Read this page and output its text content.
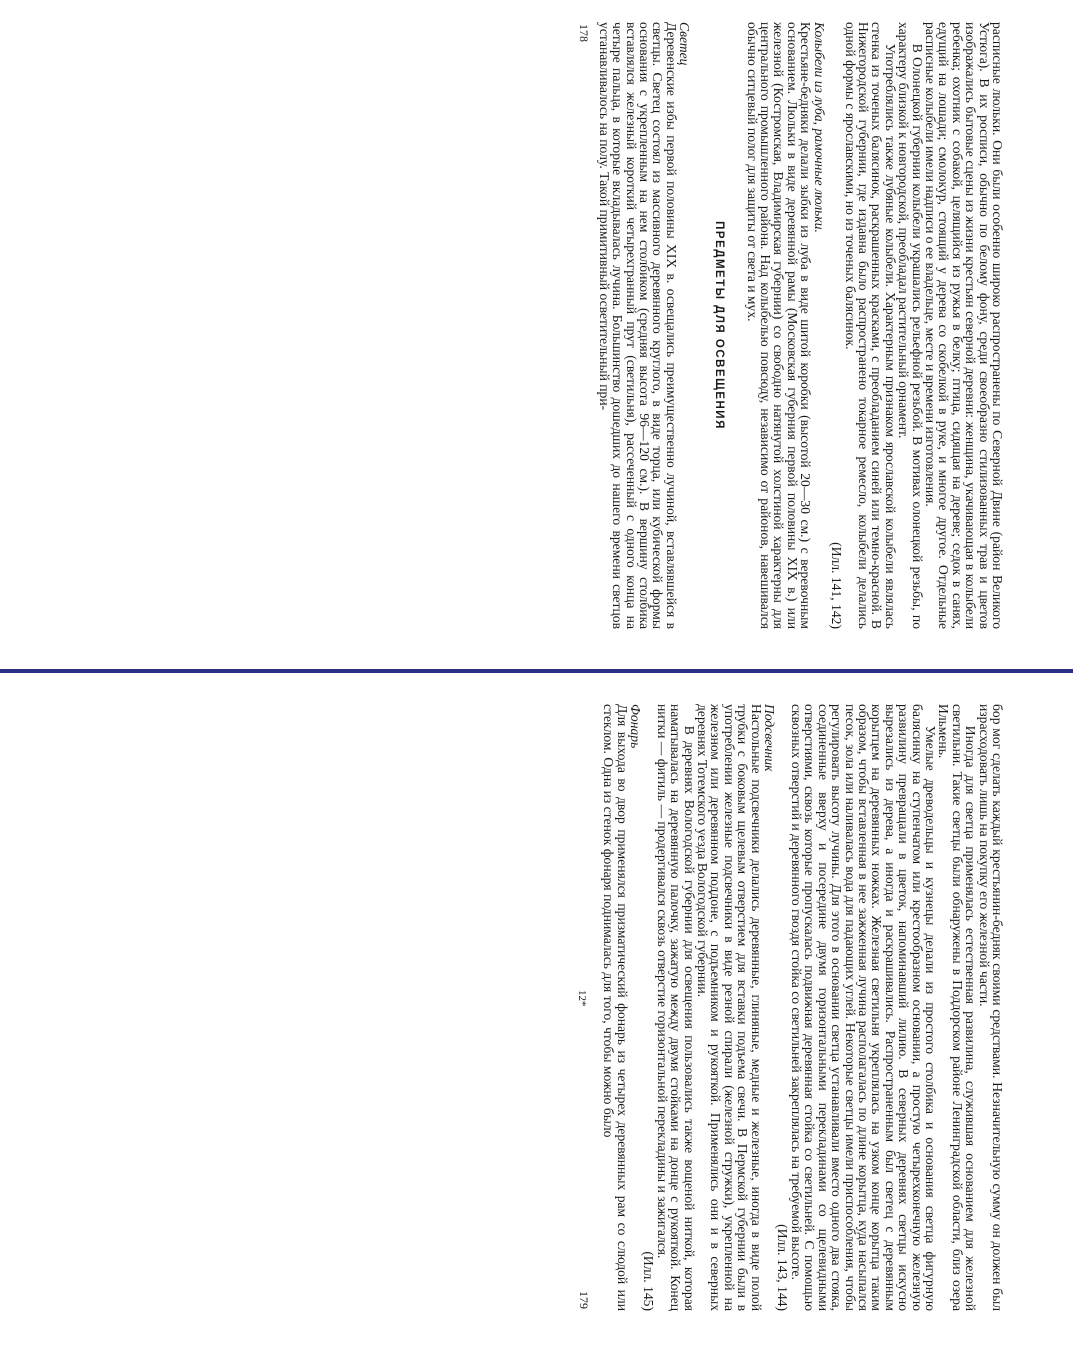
расписные люльки. Они были особенно широко распространены по Северной Двине (район Великого Устюга). В их росписи, обычно по белому фону, среди своеобразно стилизованных трав и цветов изображались бытовые сцены из жизни крестьян северной деревни: женщина, укачивающая в колыбели ребенка; охотник с собакой, целящийся из ружья в белку; птица, сидящая на дереве; седок в санях, едущий на лошади; смолокур, стоящий у дерева со скобелкой в руке, и многое другое. Отдельные расписные колыбели имели надписи о ее владельце, месте и времени изготовления.

В Олонецкой губернии колыбели украшались рельефной резьбой. В мотивах олонецкой резьбы, по характеру близкой к новгородской, преобладал растительный орнамент.

Употреблялись также лубяные колыбели. Характерным признаком ярославской колыбели являлась стенка из точеных балясинок, раскрашенных красками, с преобладанием синей или темно-красной. В Нижегородской губернии, где издавна было распространено токарное ремесло, колыбели делались одной формы с ярославскими, но из точеных балясинок.

(Илл. 141, 142)

Колыбели из луба, рамочные люльки.

Крестьяне-бедняки делали зыбки из луба в виде шитой коробки (высотой 20—30 см.) с веревочным основанием. Люльки в виде деревянной рамы (Московская губерния первой половины XIX в.) или железной (Костромская, Владимирская губернии) со свободно натянутой холстиной характерны для центрального промышленного района. Над колыбелью повсюду, независимо от районов, навешивался обычно ситцевый полог для защиты от света и мух.

ПРЕДМЕТЫ ДЛЯ ОСВЕЩЕНИЯ

Светец

Деревенские избы первой половины XIX в. освещались преимущественно лучиной, вставлявшейся в светцы. Светец состоял из массивного деревянного круглого, в виде торца, или кубической формы основания с укрепленным на нем столбиком (средняя высота 96—120 см.). В вершину столбика вставлялся железный короткий четырехгранный прут (светильня), рассеченный с одного конца на четыре пальца, в которые вкладывалась лучина. Большинство дошедших до нашего времени светцов устанавливалось на полу. Такой примитивный осветительный при-

178

бор мог сделать каждый крестьянин-бедняк своими средствами. Незначительную сумму он должен был израсходовать лишь на покупку его железной части.

Иногда для светца применялась естественная развилина, служившая основанием для железной светильни. Такие светцы были обнаружены в Поддорском районе Ленинградской области, близ озера Ильмень.

Умелые древодельцы и кузнецы делали из простого столбика и основания светца фигурную балясинку на ступенчатом или крестообразном основании, а простую четырехконечную железную развилину превращали в цветок, напоминавший лилию. В северных деревнях светцы искусно вырезались из дерева, а иногда и раскрашивались. Распространенным был светец с деревянным корытцем на деревянных ножках. Железная светильня укреплялась на узком конце корытца таким образом, чтобы вставленная в нее зажженная лучина располагалась по длине корытца, куда насыпался песок, зола или наливалась вода для падающих углей. Некоторые светцы имели приспособления, чтобы регулировать высоту лучины. Для этого в основании светца устанавливали вместо одного два стояка, соединенные вверху и посередине двумя горизонтальными перекладинами со щелевидными отверстиями, сквозь которые пропускалась подвижная деревянная стойка со светильней. С помощью сквозных отверстий и деревянного гвоздя стойка со светильней закреплялась на требуемой высоте.

(Илл. 143, 144)

Подсвечник

Настольные подсвечники делались деревянные, глиняные, медные и железные, иногда в виде полой трубки с боковым щелевым отверстием для вставки подъема свечи. В Пермской губернии были в употреблении железные подсвечники в виде резной спирали (железной стружки), укрепленной на железном или деревянном поддоне, с подъемником и рукояткой. Применялись они и в северных деревнях Тотемского уезда Вологодской губернии.

В деревнях Вологодской губернии для освещения пользовались также вощеной ниткой, которая наматывалась на деревянную палочку, зажатую между двумя стойками на донце с рукояткой. Конец нитки — фитиль — продергивался сквозь отверстие горизонтальной перекладины и зажигался.

(Илл. 145)

Фонарь

Для выхода во двор применялся призматический фонарь из четырех деревянных рам со слюдой или стеклом. Одна из стенок фонаря поднималась для того, чтобы можно было

12*
179
